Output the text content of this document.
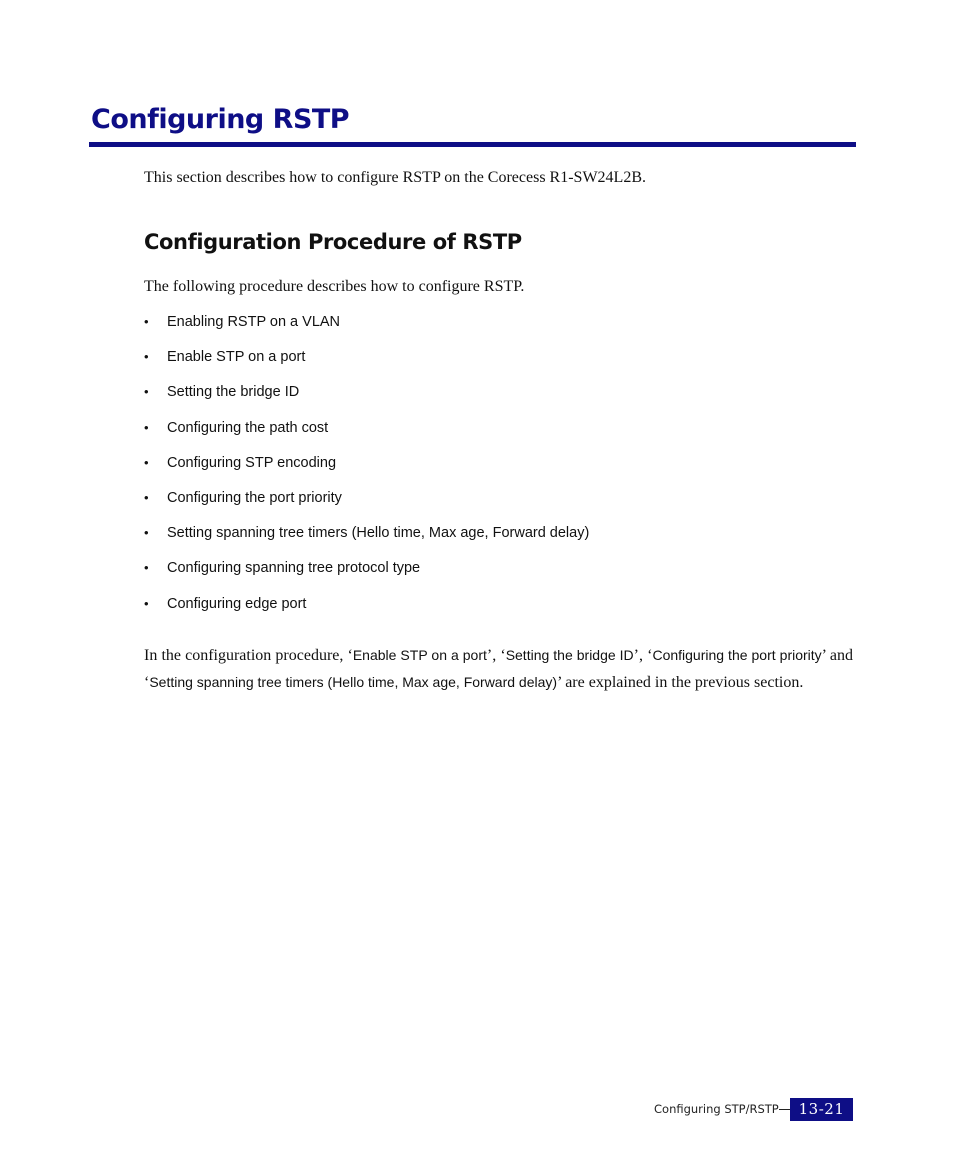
Configuring RSTP

This section describes how to configure RSTP on the Corecess R1-SW24L2B.

Configuration Procedure of RSTP

The following procedure describes how to configure RSTP.

• Enabling RSTP on a VLAN
• Enable STP on a port
• Setting the bridge ID
• Configuring the path cost
• Configuring STP encoding
• Configuring the port priority
• Setting spanning tree timers (Hello time, Max age, Forward delay)
• Configuring spanning tree protocol type
• Configuring edge port

In the configuration procedure, ‘Enable STP on a port’, ‘Setting the bridge ID’, ‘Configuring the port priority’ and ‘Setting spanning tree timers (Hello time, Max age, Forward delay)’ are explained in the previous section.

Configuring STP/RSTP	13-21
